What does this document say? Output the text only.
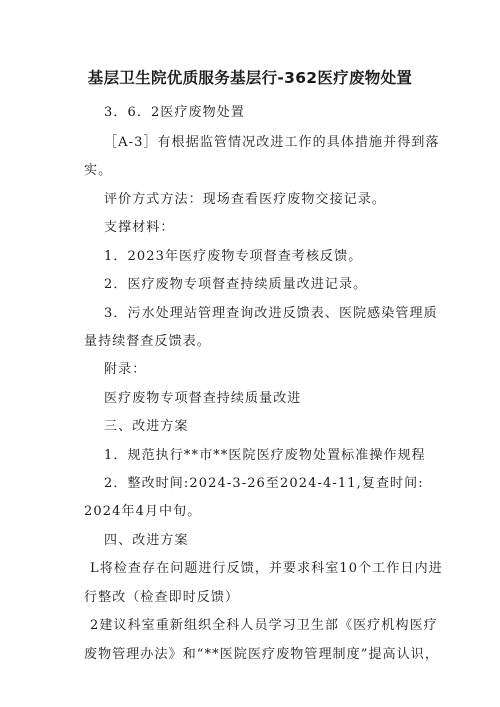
基层卫生院优质服务基层行-362医疗废物处置
3．6．2医疗废物处置
［A-3］有根据监管情况改进工作的具体措施并得到落
实。
评价方式方法：现场查看医疗废物交接记录。
支撑材料：
1．2023年医疗废物专项督查考核反馈。
2．医疗废物专项督查持续质量改进记录。
3．污水处理站管理查询改进反馈表、医院感染管理质
量持续督查反馈表。
附录：
医疗废物专项督查持续质量改进
三、改进方案
1．规范执行**市**医院医疗废物处置标准操作规程
2．整改时间:2024-3-26至2024-4-11,复查时间:
2024年4月中旬。
四、改进方案
L将检查存在问题进行反馈，并要求科室10个工作日内进
行整改（检查即时反馈）
2建议科室重新组织全科人员学习卫生部《医疗机构医疗
废物管理办法》和“**医院医疗废物管理制度”提高认识，
